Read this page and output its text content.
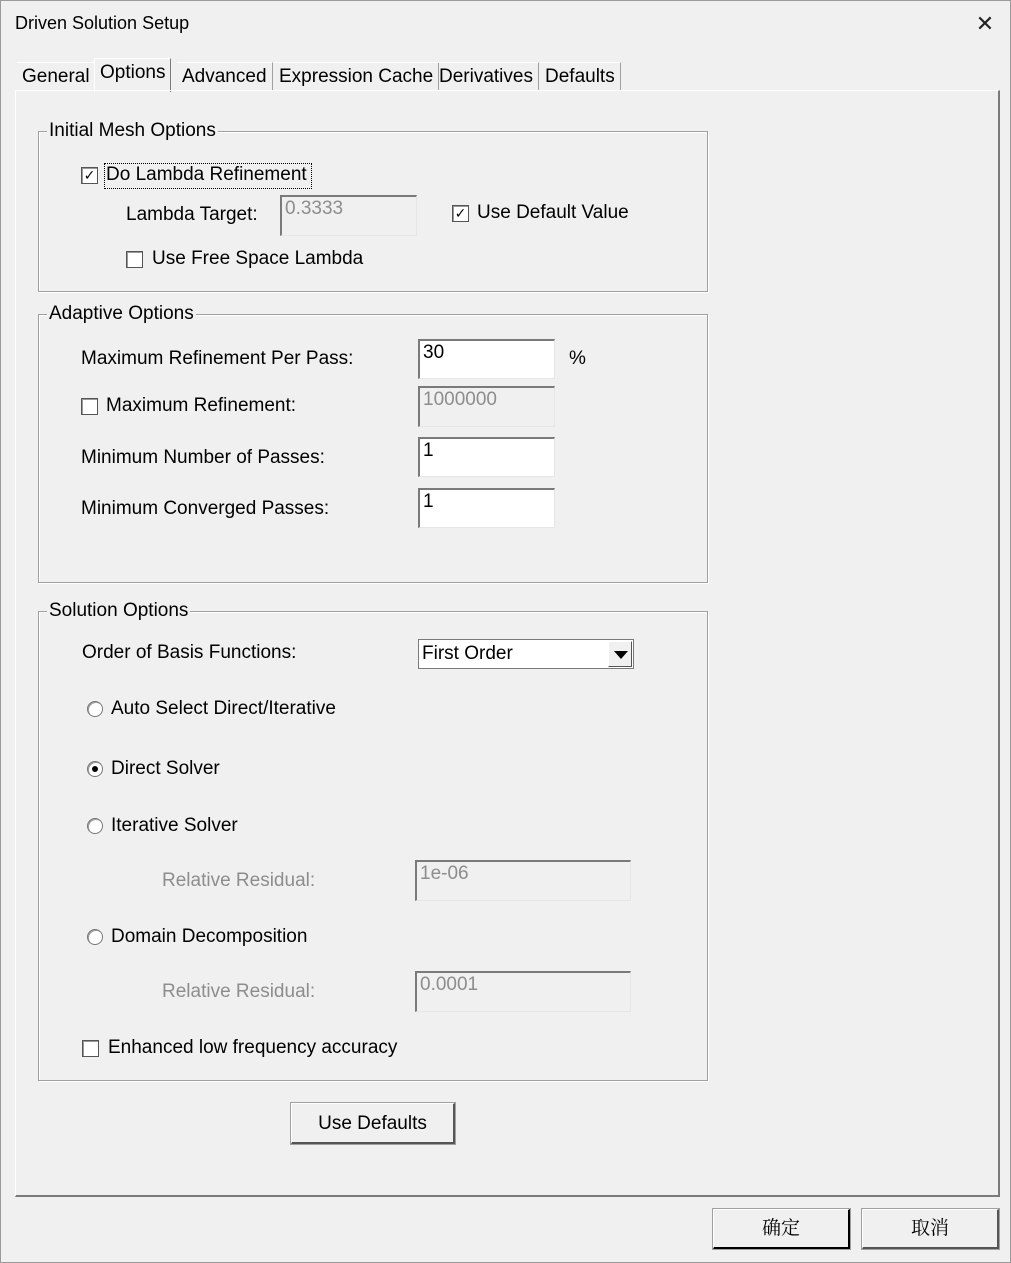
Driven Solution Setup	✕
General Options Advanced Expression Cache Derivatives Defaults
Initial Mesh Options
✓ Do Lambda Refinement
Lambda Target: 0.3333	✓ Use Default Value
Use Free Space Lambda
Adaptive Options
Maximum Refinement Per Pass:	30	%
Maximum Refinement:	1000000
Minimum Number of Passes:	1
Minimum Converged Passes:	1
Solution Options
Order of Basis Functions:	First Order
Auto Select Direct/Iterative
Direct Solver
Iterative Solver
Relative Residual:	1e-06
Domain Decomposition
Relative Residual:	0.0001
Enhanced low frequency accuracy
Use Defaults
确定	取消
